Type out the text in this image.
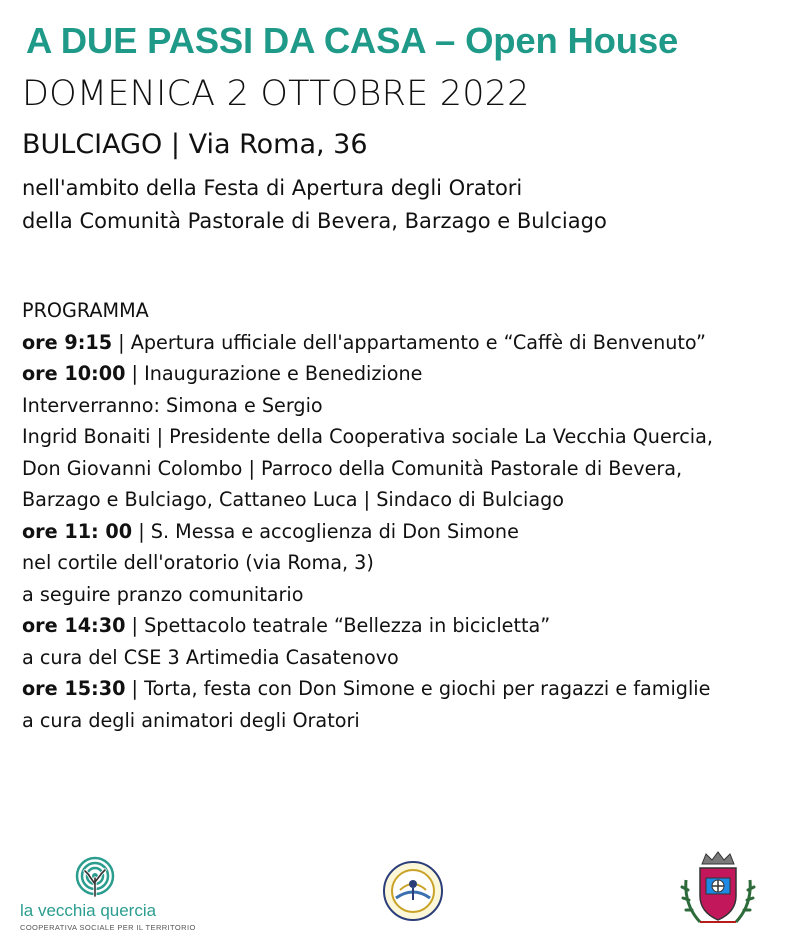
A DUE PASSI DA CASA – Open House
DOMENICA 2 OTTOBRE 2022
BULCIAGO | Via Roma, 36
nell'ambito della Festa di Apertura degli Oratori
della Comunità Pastorale di Bevera, Barzago e Bulciago
PROGRAMMA
ore 9:15 | Apertura ufficiale dell'appartamento e “Caffè di Benvenuto”
ore 10:00 | Inaugurazione e Benedizione
Interverranno: Simona e Sergio
Ingrid Bonaiti | Presidente della Cooperativa sociale La Vecchia Quercia,
Don Giovanni Colombo | Parroco della Comunità Pastorale di Bevera,
Barzago e Bulciago, Cattaneo Luca | Sindaco di Bulciago
ore 11: 00 | S. Messa e accoglienza di Don Simone
nel cortile dell'oratorio (via Roma, 3)
a seguire pranzo comunitario
ore 14:30 | Spettacolo teatrale “Bellezza in bicicletta”
a cura del CSE 3 Artimedia Casatenovo
ore 15:30 | Torta, festa con Don Simone e giochi per ragazzi e famiglie
a cura degli animatori degli Oratori
la vecchia quercia
COOPERATIVA SOCIALE PER IL TERRITORIO
